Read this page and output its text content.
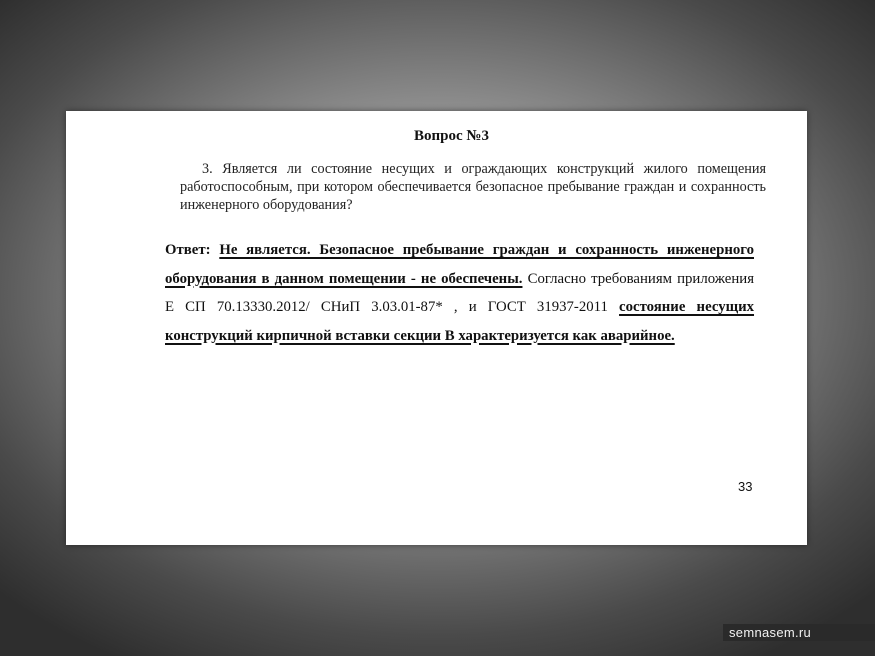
Вопрос №3
3. Является ли состояние несущих и ограждающих конструкций жилого помещения работоспособным, при котором обеспечивается безопасное пребывание граждан и сохранность инженерного оборудования?
Ответ: Не является. Безопасное пребывание граждан и сохранность инженерного оборудования в данном помещении - не обеспечены. Согласно требованиям приложения Е СП 70.13330.2012/ СНиП 3.03.01-87* , и ГОСТ 31937-2011 состояние несущих конструкций кирпичной вставки секции В характеризуется как аварийное.
33
semnasem.ru
